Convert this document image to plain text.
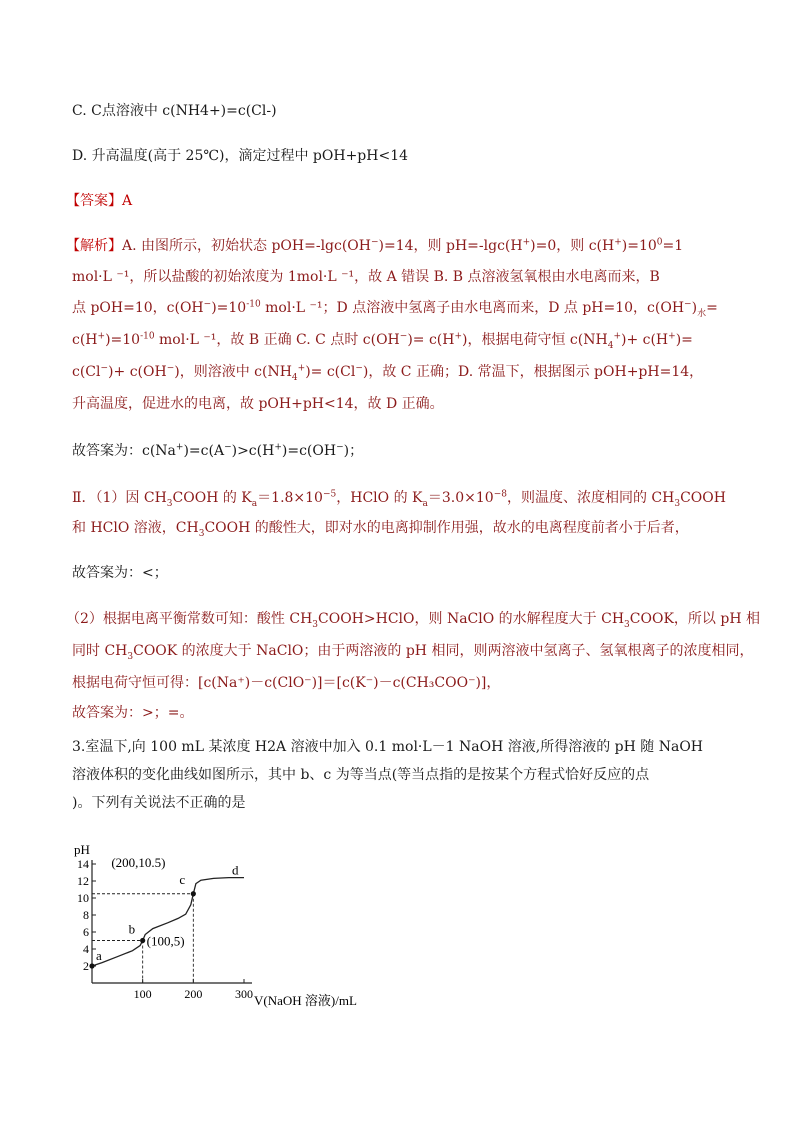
C. C点溶液中 c(NH4+)=c(Cl-)
D. 升高温度(高于 25℃)，滴定过程中 pOH+pH<14
【答案】A
【解析】A. 由图所示，初始状态 pOH=-lgc(OH−)=14，则 pH=-lgc(H+)=0，则 $c(H^+)=10^0=1$
mol·L ⁻¹，所以盐酸的初始浓度为 1mol·L ⁻¹，故 A 错误 B. B 点溶液氢氧根由水电离而来，B
点 pOH=10，$c(OH^-)=10^{-10}$ mol·L ⁻¹；D 点溶液中氢离子由水电离而来，D 点 pH=10，$c(OH^-)_水=$
$c(H^+)=10^{-10}$ mol·L ⁻¹，故 B 正确 C. C 点时 c(OH−)= c(H+)，根据电荷守恒 $c(NH_4^+)+ c(H^+)=$
c(Cl−)+ c(OH−)，则溶液中 $c(NH_4^+)= c(Cl^-)$，故 C 正确；D. 常温下，根据图示 pOH+pH=14，
升高温度，促进水的电离，故 pOH+pH<14，故 D 正确。
故答案为：c(Na+)=c(A−)>c(H+)=c(OH−)；
Ⅱ．（1）因 $CH_3COOH$ 的 $K_a=1.8\times 10^{-5}$，HClO 的 $K_a=3.0\times 10^{-8}$，则温度、浓度相同的 $CH_3COOH$
和 HClO 溶液，$CH_3COOH$ 的酸性大，即对水的电离抑制作用强，故水的电离程度前者小于后者，
故答案为：<；
（2）根据电离平衡常数可知：酸性 $CH_3COOH>HClO$，则 NaClO 的水解程度大于 $CH_3COOK$，所以 pH 相
同时 $CH_3COOK$ 的浓度大于 NaClO；由于两溶液的 pH 相同，则两溶液中氢离子、氢氧根离子的浓度相同，
根据电荷守恒可得：[c(Na⁺)－c(ClO⁻)]＝[c(K⁻)－c(CH₃COO⁻)]，
故答案为：>；=。
3.室温下,向 100 mL 某浓度 H2A 溶液中加入 0.1 mol·L－1 NaOH 溶液,所得溶液的 pH 随 NaOH
溶液体积的变化曲线如图所示，其中 b、c 为等当点(等当点指的是按某个方程式恰好反应的点
)。下列有关说法不正确的是
2
4
6
8
10
12
14
100	200	300
a
b
(100,5)
c
(200,10.5)
d
pH
V(NaOH 溶液)/mL
